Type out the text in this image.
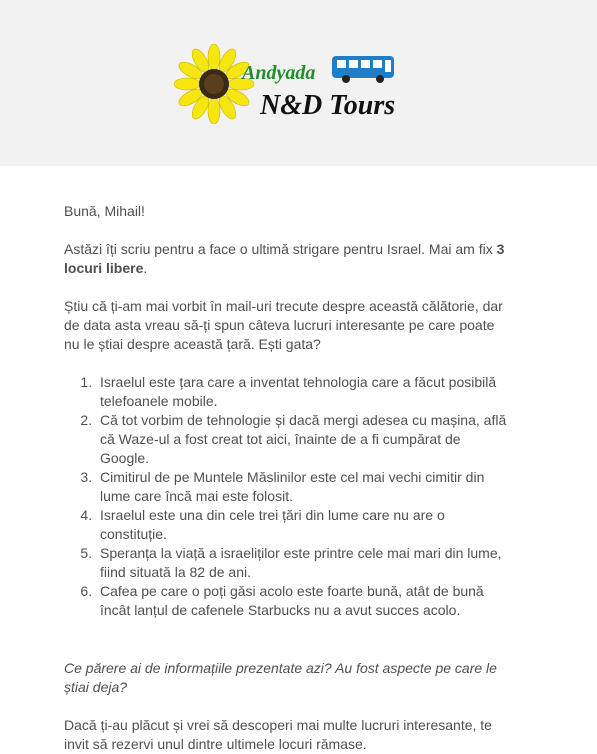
Andyada
N&D Tours

Bună, Mihail!

Astăzi îți scriu pentru a face o ultimă strigare pentru Israel. Mai am fix 3 locuri libere.

Știu că ți-am mai vorbit în mail-uri trecute despre această călătorie, dar de data asta vreau să-ți spun câteva lucruri interesante pe care poate nu le știai despre această țară. Ești gata?

1. Israelul este țara care a inventat tehnologia care a făcut posibilă telefoanele mobile.
2. Că tot vorbim de tehnologie și dacă mergi adesea cu mașina, află că Waze-ul a fost creat tot aici, înainte de a fi cumpărat de Google.
3. Cimitirul de pe Muntele Măslinilor este cel mai vechi cimitir din lume care încă mai este folosit.
4. Israelul este una din cele trei țări din lume care nu are o constituție.
5. Speranța la viață a israeliților este printre cele mai mari din lume, fiind situată la 82 de ani.
6. Cafea pe care o poți găsi acolo este foarte bună, atât de bună încât lanțul de cafenele Starbucks nu a avut succes acolo.

Ce părere ai de informațiile prezentate azi? Au fost aspecte pe care le știai deja?

Dacă ți-au plăcut și vrei să descoperi mai multe lucruri interesante, te invit să rezervi unul dintre ultimele locuri rămase.
